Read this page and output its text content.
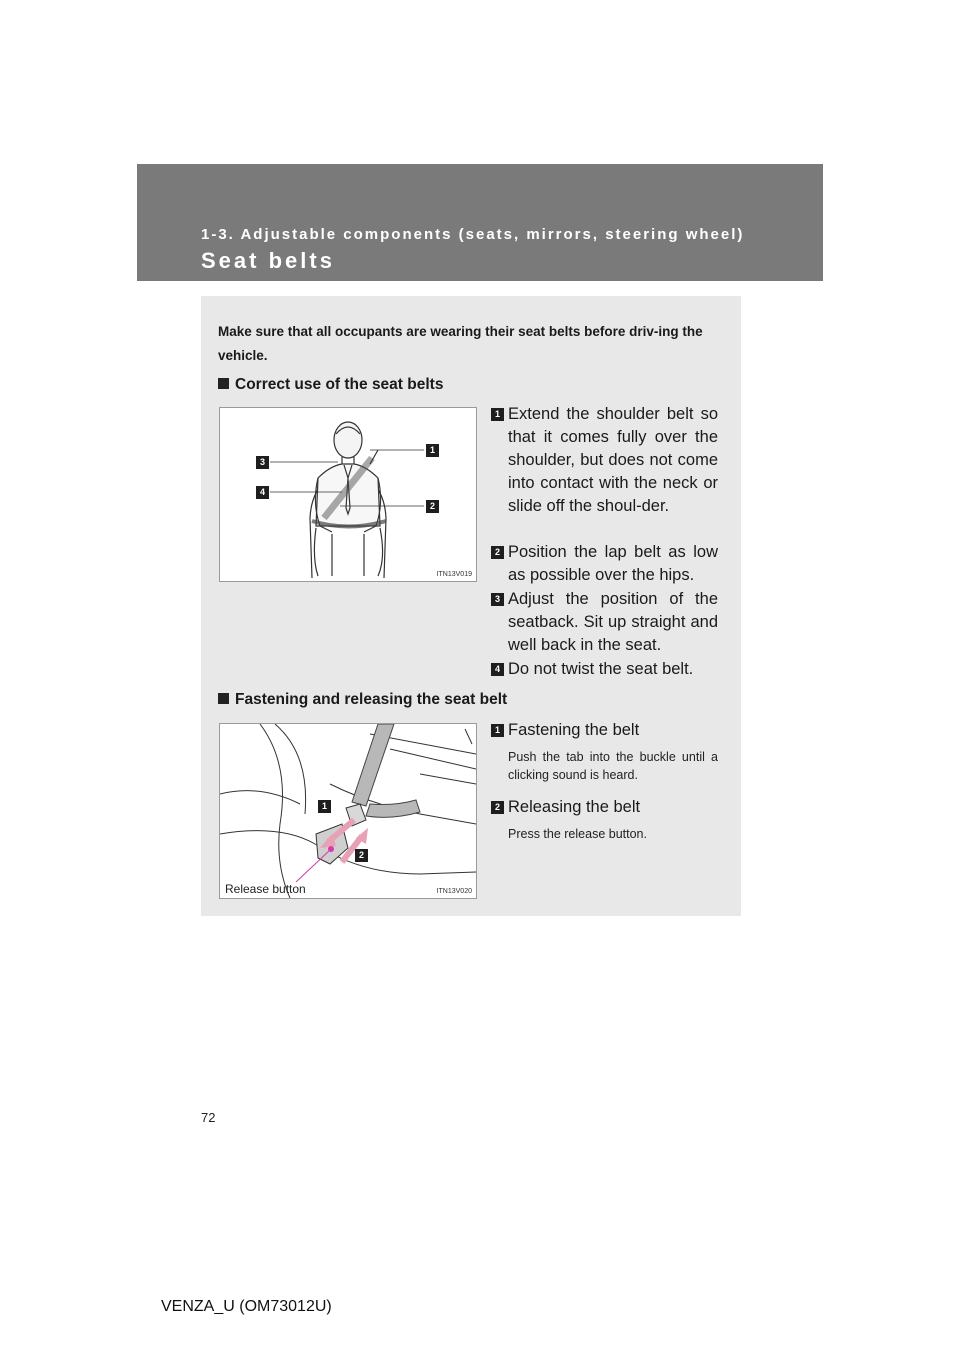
1-3. Adjustable components (seats, mirrors, steering wheel)
Seat belts
Make sure that all occupants are wearing their seat belts before driv-ing the vehicle.
Correct use of the seat belts
3
4
1
2
ITN13V019
1 Extend the shoulder belt so that it comes fully over the shoulder, but does not come into contact with the neck or slide off the shoul-der.
2 Position the lap belt as low as possible over the hips.
3 Adjust the position of the seatback. Sit up straight and well back in the seat.
4 Do not twist the seat belt.
Fastening and releasing the seat belt
1
2
Release button	ITN13V020
1 Fastening the belt
Push the tab into the buckle until a clicking sound is heard.
2 Releasing the belt
Press the release button.
72
VENZA_U (OM73012U)
